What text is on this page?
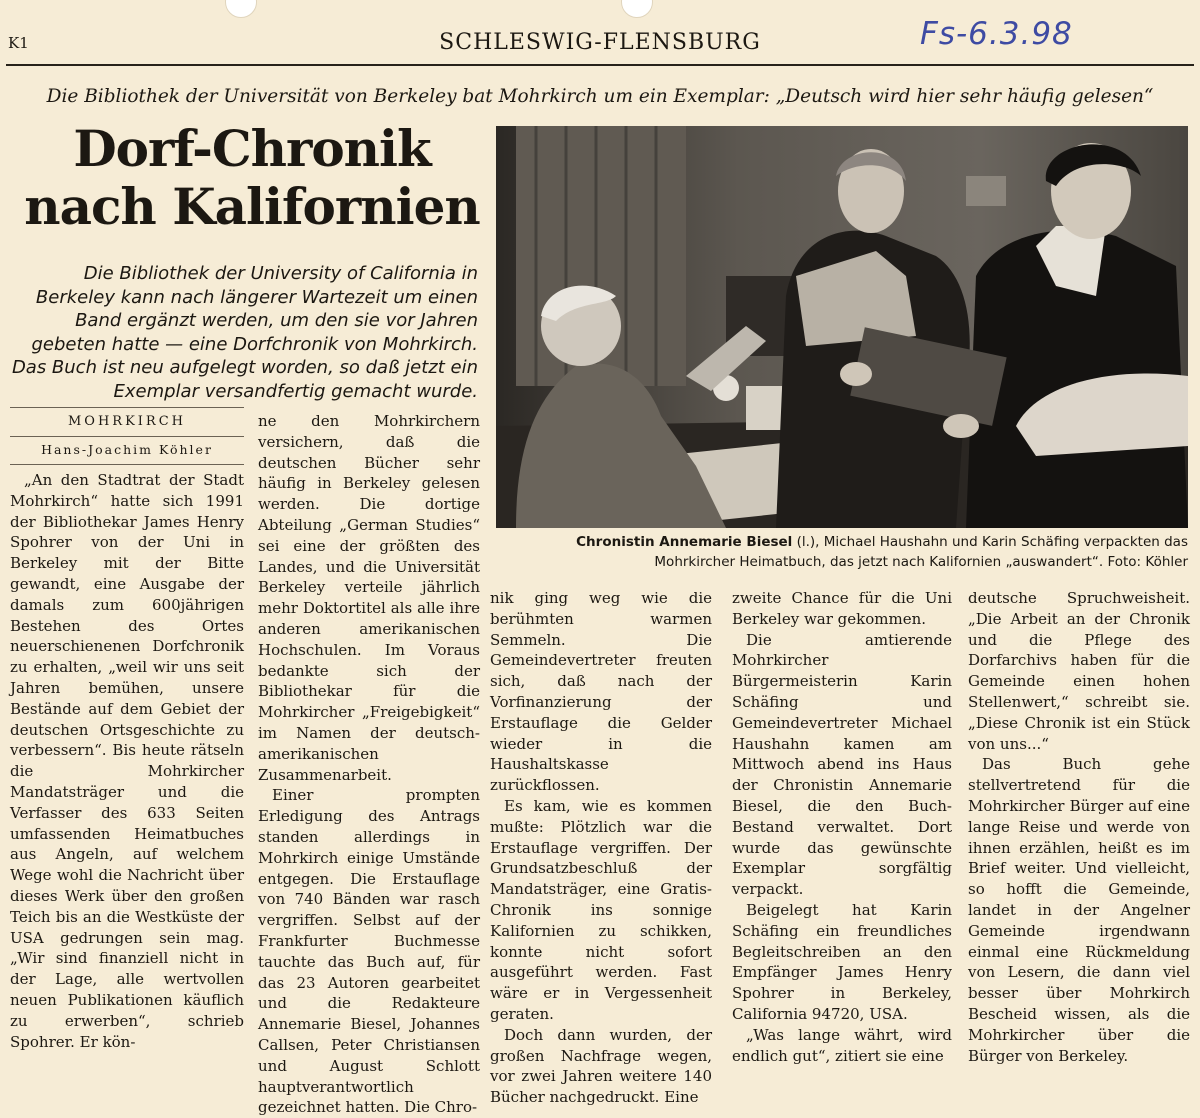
K1	SCHLESWIG-FLENSBURG	Fs-6.3.98
Die Bibliothek der Universität von Berkeley bat Mohrkirch um ein Exemplar: „Deutsch wird hier sehr häufig gelesen“
Dorf-Chronik
nach Kalifornien
Die Bibliothek der University of California in Berkeley kann nach längerer Wartezeit um einen Band ergänzt werden, um den sie vor Jahren gebeten hatte — eine Dorfchronik von Mohrkirch. Das Buch ist neu aufgelegt worden, so daß jetzt ein Exemplar versandfertig gemacht wurde.
MOHRKIRCH
Hans-Joachim Köhler
Chronistin Annemarie Biesel (l.), Michael Haushahn und Karin Schäfing verpackten das Mohrkircher Heimatbuch, das jetzt nach Kalifornien „auswandert“. Foto: Köhler

„An den Stadtrat der Stadt Mohrkirch“ hatte sich 1991 der Bibliothekar James Henry Spohrer von der Uni in Berkeley mit der Bitte gewandt, eine Ausgabe der damals zum 600jährigen Bestehen des Ortes neuerschienenen Dorfchronik zu erhalten, „weil wir uns seit Jahren bemühen, unsere Bestände auf dem Gebiet der deutschen Ortsgeschichte zu verbessern“. Bis heute rätseln die Mohrkircher Mandatsträger und die Verfasser des 633 Seiten umfassenden Heimatbuches aus Angeln, auf welchem Wege wohl die Nachricht über dieses Werk über den großen Teich bis an die Westküste der USA gedrungen sein mag. „Wir sind finanziell nicht in der Lage, alle wertvollen neuen Publikationen käuflich zu erwerben“, schrieb Spohrer. Er kön-

ne den Mohrkirchern versichern, daß die deutschen Bücher sehr häufig in Berkeley gelesen werden. Die dortige Abteilung „German Studies“ sei eine der größten des Landes, und die Universität Berkeley verteile jährlich mehr Doktortitel als alle ihre anderen amerikanischen Hochschulen. Im Voraus bedankte sich der Bibliothekar für die Mohrkircher „Freigebigkeit“ im Namen der deutsch-amerikanischen Zusammenarbeit.

Einer prompten Erledigung des Antrags standen allerdings in Mohrkirch einige Umstände entgegen. Die Erstauflage von 740 Bänden war rasch vergriffen. Selbst auf der Frankfurter Buchmesse tauchte das Buch auf, für das 23 Autoren gearbeitet und die Redakteure Annemarie Biesel, Johannes Callsen, Peter Christiansen und August Schlott hauptverantwortlich gezeichnet hatten. Die Chro-

nik ging weg wie die berühmten warmen Semmeln. Die Gemeindevertreter freuten sich, daß nach der Vorfinanzierung der Erstauflage die Gelder wieder in die Haushaltskasse zurückflossen.

Es kam, wie es kommen mußte: Plötzlich war die Erstauflage vergriffen. Der Grundsatzbeschluß der Mandatsträger, eine Gratis-Chronik ins sonnige Kalifornien zu schikken, konnte nicht sofort ausgeführt werden. Fast wäre er in Vergessenheit geraten.

Doch dann wurden, der großen Nachfrage wegen, vor zwei Jahren weitere 140 Bücher nachgedruckt. Eine

zweite Chance für die Uni Berkeley war gekommen.

Die amtierende Mohrkircher Bürgermeisterin Karin Schäfing und Gemeindevertreter Michael Haushahn kamen am Mittwoch abend ins Haus der Chronistin Annemarie Biesel, die den Buch-Bestand verwaltet. Dort wurde das gewünschte Exemplar sorgfältig verpackt.

Beigelegt hat Karin Schäfing ein freundliches Begleitschreiben an den Empfänger James Henry Spohrer in Berkeley, California 94720, USA.

„Was lange währt, wird endlich gut“, zitiert sie eine

deutsche Spruchweisheit. „Die Arbeit an der Chronik und die Pflege des Dorfarchivs haben für die Gemeinde einen hohen Stellenwert,“ schreibt sie. „Diese Chronik ist ein Stück von uns...“

Das Buch gehe stellvertretend für die Mohrkircher Bürger auf eine lange Reise und werde von ihnen erzählen, heißt es im Brief weiter. Und vielleicht, so hofft die Gemeinde, landet in der Angelner Gemeinde irgendwann einmal eine Rückmeldung von Lesern, die dann viel besser über Mohrkirch Bescheid wissen, als die Mohrkircher über die Bürger von Berkeley.
